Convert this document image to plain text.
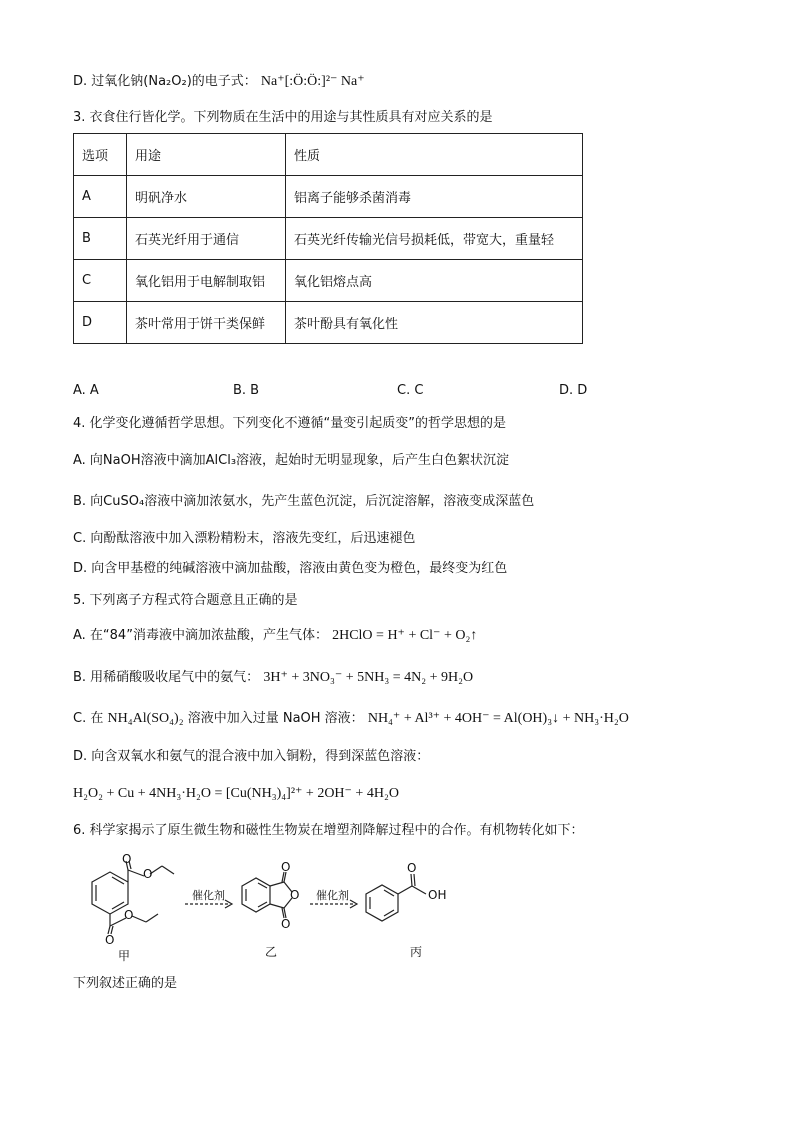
D. 过氧化钠(Na₂O₂)的电子式： Na⁺[:Ö:Ö:]²⁻ Na⁺
3. 衣食住行皆化学。下列物质在生活中的用途与其性质具有对应关系的是
选项	用途	性质
A	明矾净水	铝离子能够杀菌消毒
B	石英光纤用于通信	石英光纤传输光信号损耗低，带宽大，重量轻
C	氧化铝用于电解制取铝	氧化铝熔点高
D	茶叶常用于饼干类保鲜	茶叶酚具有氧化性
A. A	B. B	C. C	D. D
4. 化学变化遵循哲学思想。下列变化不遵循“量变引起质变”的哲学思想的是
A. 向NaOH溶液中滴加AlCl₃溶液，起始时无明显现象，后产生白色絮状沉淀
B. 向CuSO₄溶液中滴加浓氨水，先产生蓝色沉淀，后沉淀溶解，溶液变成深蓝色
C. 向酚酞溶液中加入漂粉精粉末，溶液先变红，后迅速褪色
D. 向含甲基橙的纯碱溶液中滴加盐酸，溶液由黄色变为橙色，最终变为红色
5. 下列离子方程式符合题意且正确的是
A. 在“84”消毒液中滴加浓盐酸，产生气体： 2HClO = H⁺ + Cl⁻ + O₂↑
B. 用稀硝酸吸收尾气中的氨气： 3H⁺ + 3NO₃⁻ + 5NH₃ = 4N₂ + 9H₂O
C. 在 NH₄Al(SO₄)₂ 溶液中加入过量 NaOH 溶液： NH₄⁺ + Al³⁺ + 4OH⁻ = Al(OH)₃↓ + NH₃·H₂O
D. 向含双氧水和氨气的混合液中加入铜粉，得到深蓝色溶液：
H₂O₂ + Cu + 4NH₃·H₂O = [Cu(NH₃)₄]²⁺ + 2OH⁻ + 4H₂O
6. 科学家揭示了原生微生物和磁性生物炭在增塑剂降解过程中的合作。有机物转化如下：
O
O
O
O
O
O
O
O
OH
催化剂	催化剂
甲	乙	丙
下列叙述正确的是
